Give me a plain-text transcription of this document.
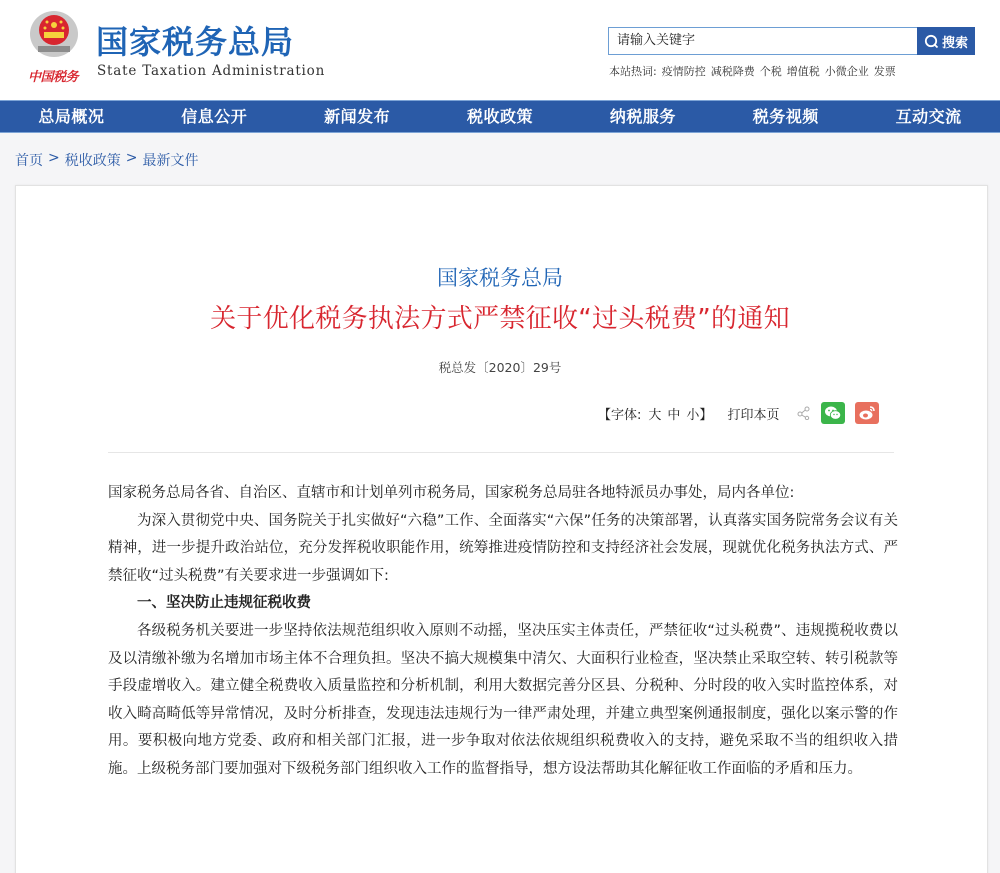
中国税务
国家税务总局
State Taxation Administration
请输入关键字	搜索
本站热词: 疫情防控 减税降费 个税 增值税 小微企业 发票
总局概况	信息公开	新闻发布	税收政策	纳税服务	税务视频	互动交流
首页 > 税收政策 > 最新文件
国家税务总局
关于优化税务执法方式严禁征收“过头税费”的通知
税总发〔2020〕29号
【字体: 大 中 小】 打印本页

国家税务总局各省、自治区、直辖市和计划单列市税务局，国家税务总局驻各地特派员办事处，局内各单位:

为深入贯彻党中央、国务院关于扎实做好“六稳”工作、全面落实“六保”任务的决策部署，认真落实国务院常务会议有关精神，进一步提升政治站位，充分发挥税收职能作用，统筹推进疫情防控和支持经济社会发展，现就优化税务执法方式、严禁征收“过头税费”有关要求进一步强调如下:

一、坚决防止违规征税收费

各级税务机关要进一步坚持依法规范组织收入原则不动摇，坚决压实主体责任，严禁征收“过头税费”、违规揽税收费以及以清缴补缴为名增加市场主体不合理负担。坚决不搞大规模集中清欠、大面积行业检查，坚决禁止采取空转、转引税款等手段虚增收入。建立健全税费收入质量监控和分析机制，利用大数据完善分区县、分税种、分时段的收入实时监控体系，对收入畸高畸低等异常情况，及时分析排查，发现违法违规行为一律严肃处理，并建立典型案例通报制度，强化以案示警的作用。要积极向地方党委、政府和相关部门汇报，进一步争取对依法依规组织税费收入的支持，避免采取不当的组织收入措施。上级税务部门要加强对下级税务部门组织收入工作的监督指导，想方设法帮助其化解征收工作面临的矛盾和压力。
